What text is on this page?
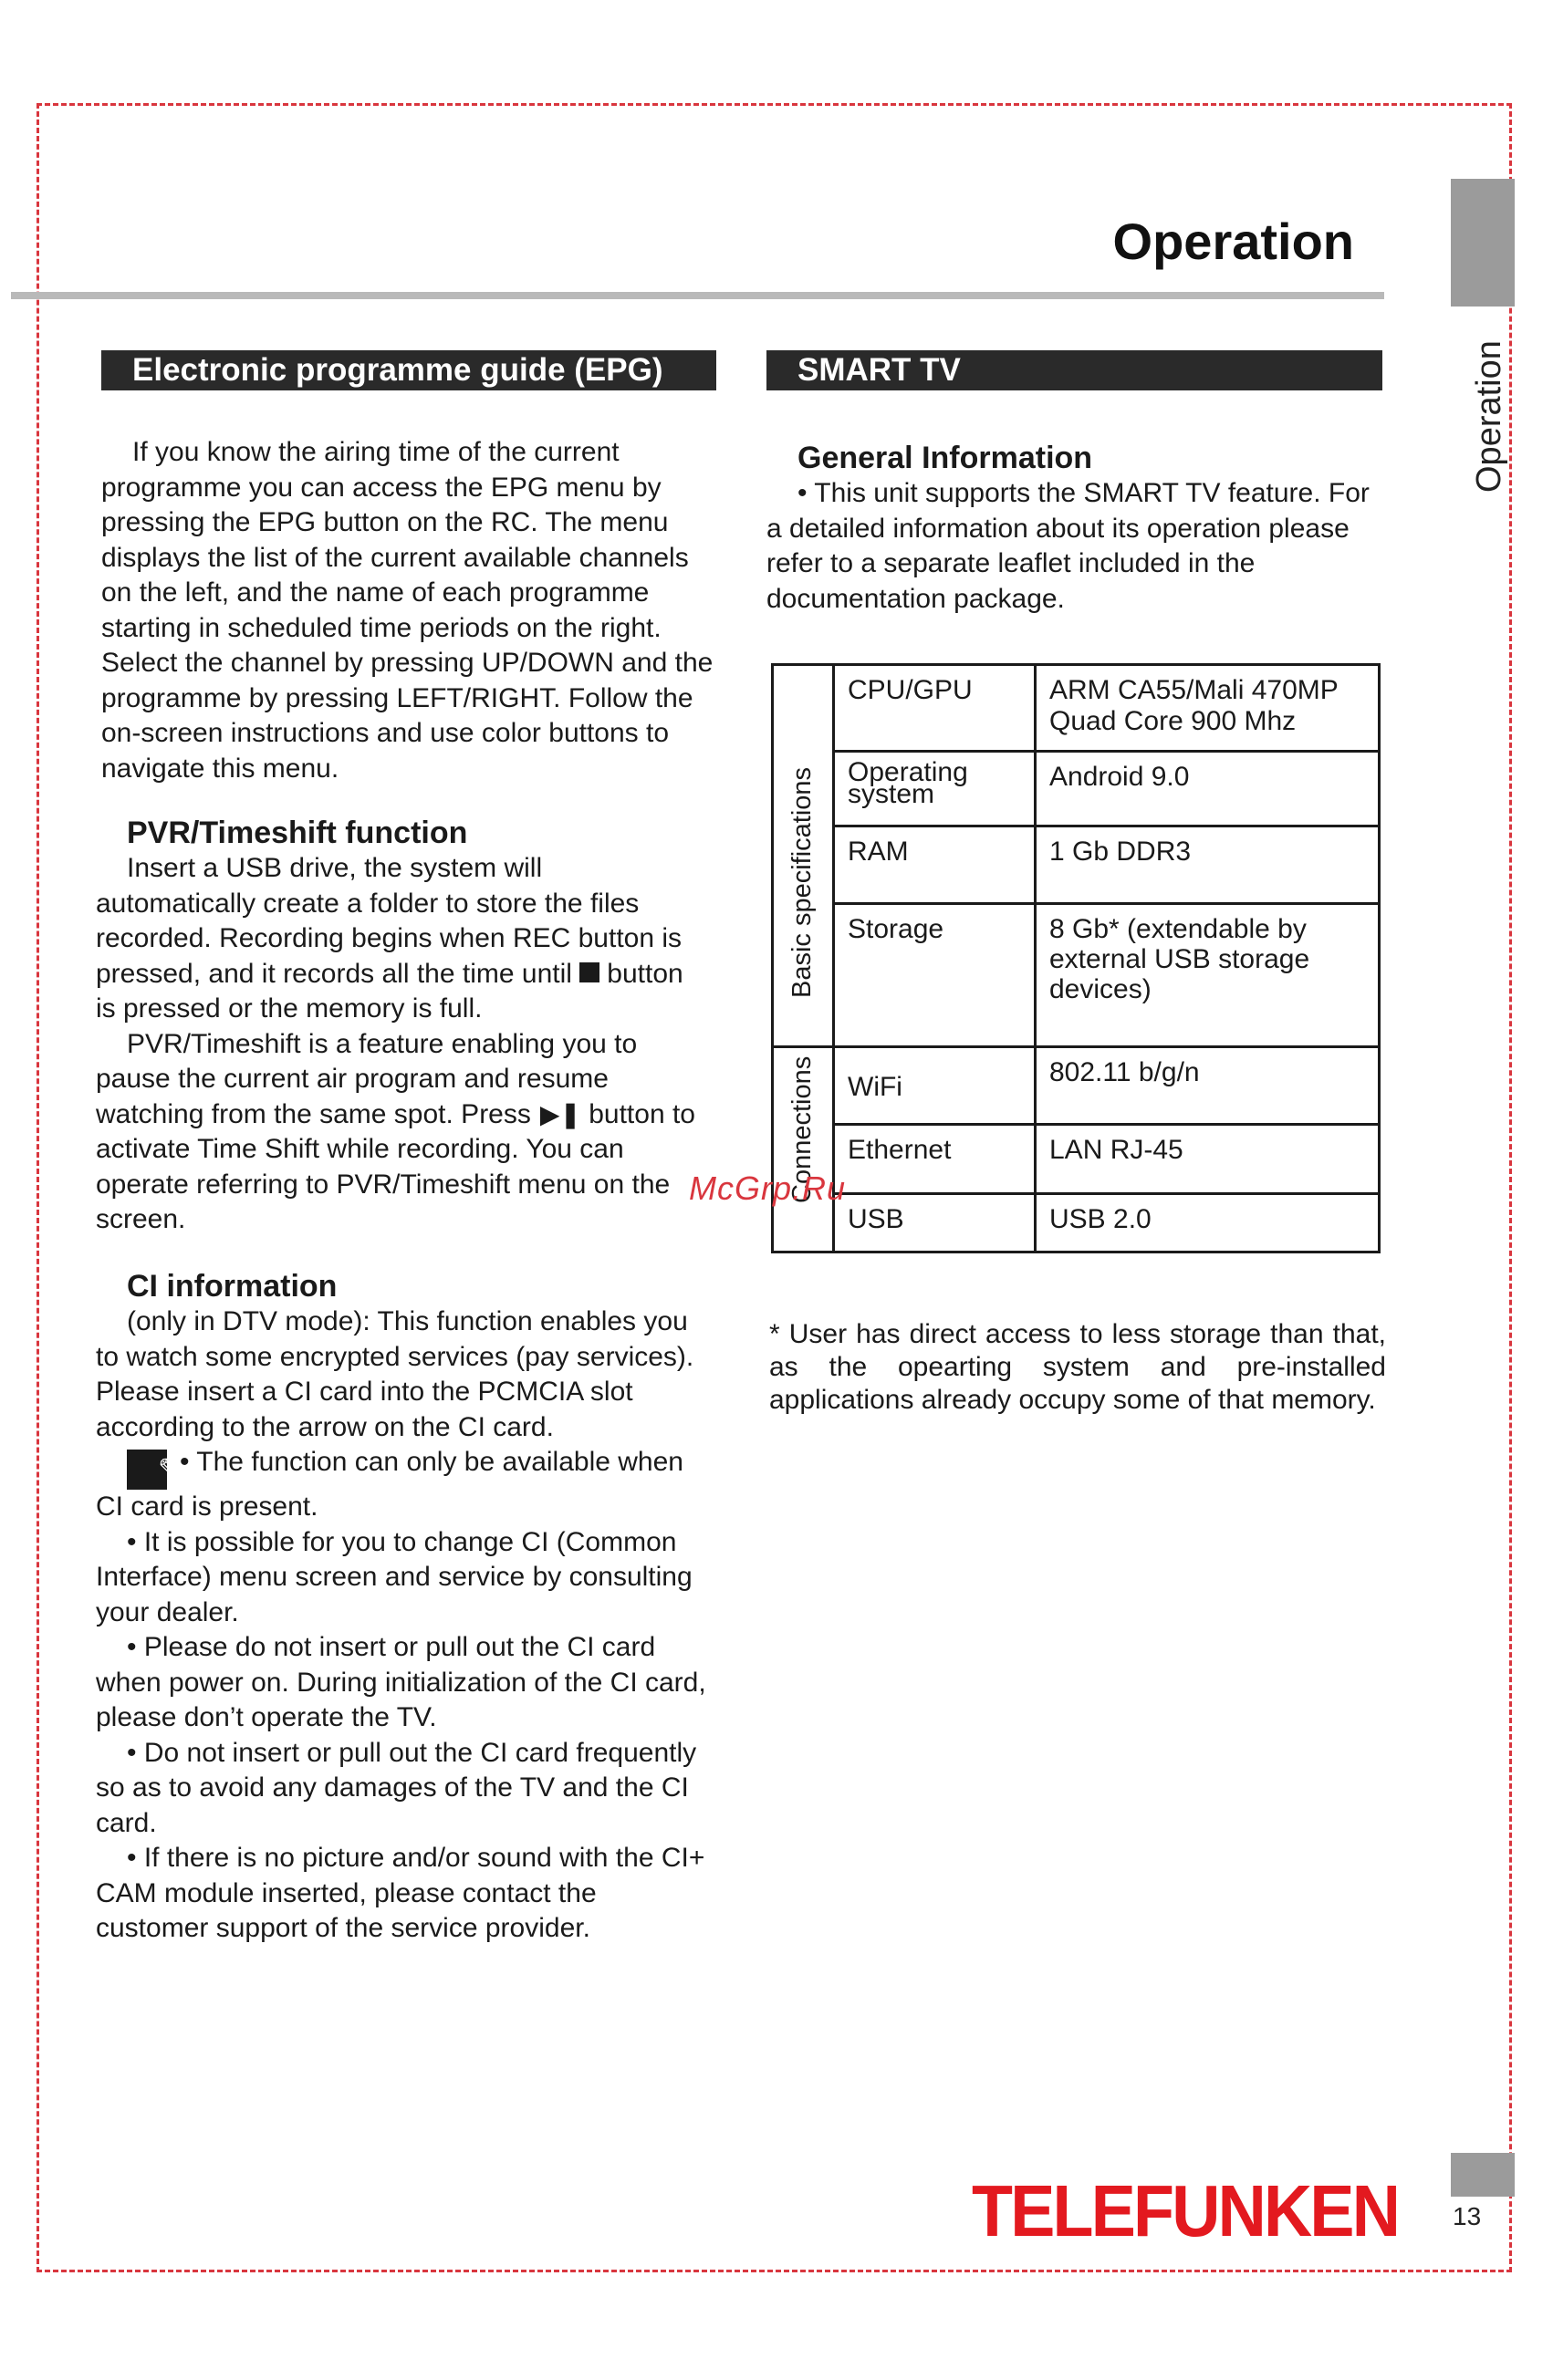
Operation
Operation
Electronic programme guide (EPG)

If you know the airing time of the current programme you can access the EPG menu by pressing the EPG button on the RC. The menu displays the list of the current available channels on the left, and the name of each programme starting in scheduled time periods on the right. Select the channel by pressing UP/DOWN and the programme by pressing LEFT/RIGHT. Follow the on-screen instructions and use color buttons to navigate this menu.

PVR/Timeshift function

Insert a USB drive, the system will automatically create a folder to store the files recorded. Recording begins when REC button is pressed, and it records all the time until button is pressed or the memory is full.

PVR/Timeshift is a feature enabling you to pause the current air program and resume watching from the same spot. Press ▶❚ button to activate Time Shift while recording. You can operate referring to PVR/Timeshift menu on the screen.

CI information

(only in DTV mode): This function enables you to watch some encrypted services (pay services). Please insert a CI card into the PCMCIA slot according to the arrow on the CI card.

✎• The function can only be available when CI card is present.

• It is possible for you to change CI (Common Interface) menu screen and service by consulting your dealer.

• Please do not insert or pull out the CI card when power on. During initialization of the CI card, please don’t operate the TV.

• Do not insert or pull out the CI card frequently so as to avoid any damages of the TV and the CI card.

• If there is no picture and/or sound with the CI+ CAM module inserted, please contact the customer support of the service provider.

SMART TV
General Information

• This unit supports the SMART TV feature. For a detailed information about its operation please refer to a separate leaflet included in the documentation package.

Basic specifications	CPU/GPU	ARM CA55/Mali 470MP Quad Core 900 Mhz
	Operating system	Android 9.0
	RAM	1 Gb DDR3
	Storage	8 Gb* (extendable by external USB storage devices)

Connections	WiFi	802.11 b/g/n
	Ethernet	LAN RJ-45
	USB	USB 2.0
* User has direct access to less storage than that, as the opearting system and pre-installed applications already occupy some of that memory.
McGrp.Ru
TELEFUNKEN 13
